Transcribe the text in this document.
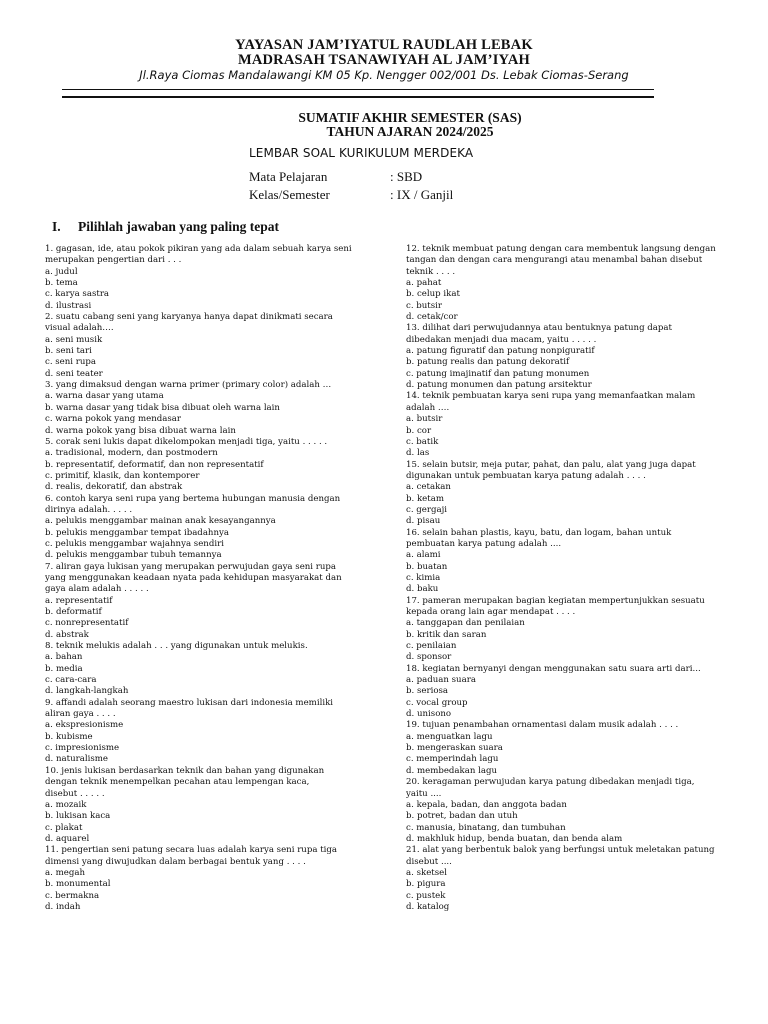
YAYASAN JAM’IYATUL RAUDLAH LEBAK
MADRASAH TSANAWIYAH AL JAM’IYAH
Jl.Raya Ciomas Mandalawangi KM 05 Kp. Nengger 002/001 Ds. Lebak Ciomas-Serang
SUMATIF AKHIR SEMESTER (SAS)
TAHUN AJARAN 2024/2025
LEMBAR SOAL KURIKULUM MERDEKA
Mata Pelajaran	: SBD
Kelas/Semester	: IX / Ganjil
I. Pilihlah jawaban yang paling tepat
1. gagasan, ide, atau pokok pikiran yang ada dalam sebuah karya seni
merupakan pengertian dari . . .
a. judul
b. tema
c. karya sastra
d. ilustrasi
2. suatu cabang seni yang karyanya hanya dapat dinikmati secara
visual adalah….
a. seni musik
b. seni tari
c. seni rupa
d. seni teater
3. yang dimaksud dengan warna primer (primary color) adalah …
a. warna dasar yang utama
b. warna dasar yang tidak bisa dibuat oleh warna lain
c. warna pokok yang mendasar
d. warna pokok yang bisa dibuat warna lain
5. corak seni lukis dapat dikelompokan menjadi tiga, yaitu . . . . .
a. tradisional, modern, dan postmodern
b. representatif, deformatif, dan non representatif
c. primitif, klasik, dan kontemporer
d. realis, dekoratif, dan abstrak
6. contoh karya seni rupa yang bertema hubungan manusia dengan
dirinya adalah. . . . .
a. pelukis menggambar mainan anak kesayangannya
b. pelukis menggambar tempat ibadahnya
c. pelukis menggambar wajahnya sendiri
d. pelukis menggambar tubuh temannya
7. aliran gaya lukisan yang merupakan perwujudan gaya seni rupa
yang menggunakan keadaan nyata pada kehidupan masyarakat dan
gaya alam adalah . . . . .
a. representatif
b. deformatif
c. nonrepresentatif
d. abstrak
8. teknik melukis adalah . . . yang digunakan untuk melukis.
a. bahan
b. media
c. cara-cara
d. langkah-langkah
9. affandi adalah seorang maestro lukisan dari indonesia memiliki
aliran gaya . . . .
a. ekspresionisme
b. kubisme
c. impresionisme
d. naturalisme
10. jenis lukisan berdasarkan teknik dan bahan yang digunakan
dengan teknik menempelkan pecahan atau lempengan kaca,
disebut . . . . .
a. mozaik
b. lukisan kaca
c. plakat
d. aquarel
11. pengertian seni patung secara luas adalah karya seni rupa tiga
dimensi yang diwujudkan dalam berbagai bentuk yang . . . .
a. megah
b. monumental
c. bermakna
d. indah
12. teknik membuat patung dengan cara membentuk langsung dengan
tangan dan dengan cara mengurangi atau menambal bahan disebut
teknik . . . .
a. pahat
b. celup ikat
c. butsir
d. cetak/cor
13. dilihat dari perwujudannya atau bentuknya patung dapat
dibedakan menjadi dua macam, yaitu . . . . .
a. patung figuratif dan patung nonpiguratif
b. patung realis dan patung dekoratif
c. patung imajinatif dan patung monumen
d. patung monumen dan patung arsitektur
14. teknik pembuatan karya seni rupa yang memanfaatkan malam
adalah ….
a. butsir
b. cor
c. batik
d. las
15. selain butsir, meja putar, pahat, dan palu, alat yang juga dapat
digunakan untuk pembuatan karya patung adalah . . . .
a. cetakan
b. ketam
c. gergaji
d. pisau
16. selain bahan plastis, kayu, batu, dan logam, bahan untuk
pembuatan karya patung adalah ....
a. alami
b. buatan
c. kimia
d. baku
17. pameran merupakan bagian kegiatan mempertunjukkan sesuatu
kepada orang lain agar mendapat . . . .
a. tanggapan dan penilaian
b. kritik dan saran
c. penilaian
d. sponsor
18. kegiatan bernyanyi dengan menggunakan satu suara arti dari...
a. paduan suara
b. seriosa
c. vocal group
d. unisono
19. tujuan penambahan ornamentasi dalam musik adalah . . . .
a. menguatkan lagu
b. mengeraskan suara
c. memperindah lagu
d. membedakan lagu
20. keragaman perwujudan karya patung dibedakan menjadi tiga,
yaitu ....
a. kepala, badan, dan anggota badan
b. potret, badan dan utuh
c. manusia, binatang, dan tumbuhan
d. makhluk hidup, benda buatan, dan benda alam
21. alat yang berbentuk balok yang berfungsi untuk meletakan patung
disebut ....
a. sketsel
b. pigura
c. pustek
d. katalog
